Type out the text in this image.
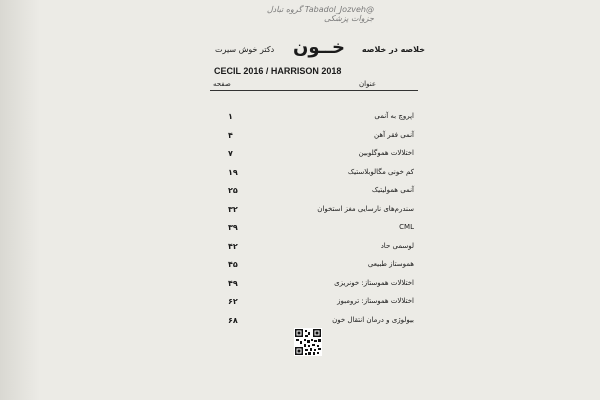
@Tabadol_Jozveh گروه تبادل جزوات پزشکی
خلاصه در خلاصه
خــون
دکتر خوش سیرت
CECIL 2016 / HARRISON 2018
صفحه	عنوان
۱	اپروچ به آنمی
۴	آنمی فقر آهن
۷	اختلالات هموگلوبین
۱۹	کم خونی مگالوبلاستیک
۲۵	آنمی همولیتیک
۳۲	سندرم‌های نارسایی مغز استخوان
۳۹	CML
۴۲	لوسمی حاد
۴۵	هموستاز طبیعی
۴۹	اختلالات هموستاز: خونریزی
۶۲	اختلالات هموستاز: ترومبوز
۶۸	بیولوژی و درمان انتقال خون
